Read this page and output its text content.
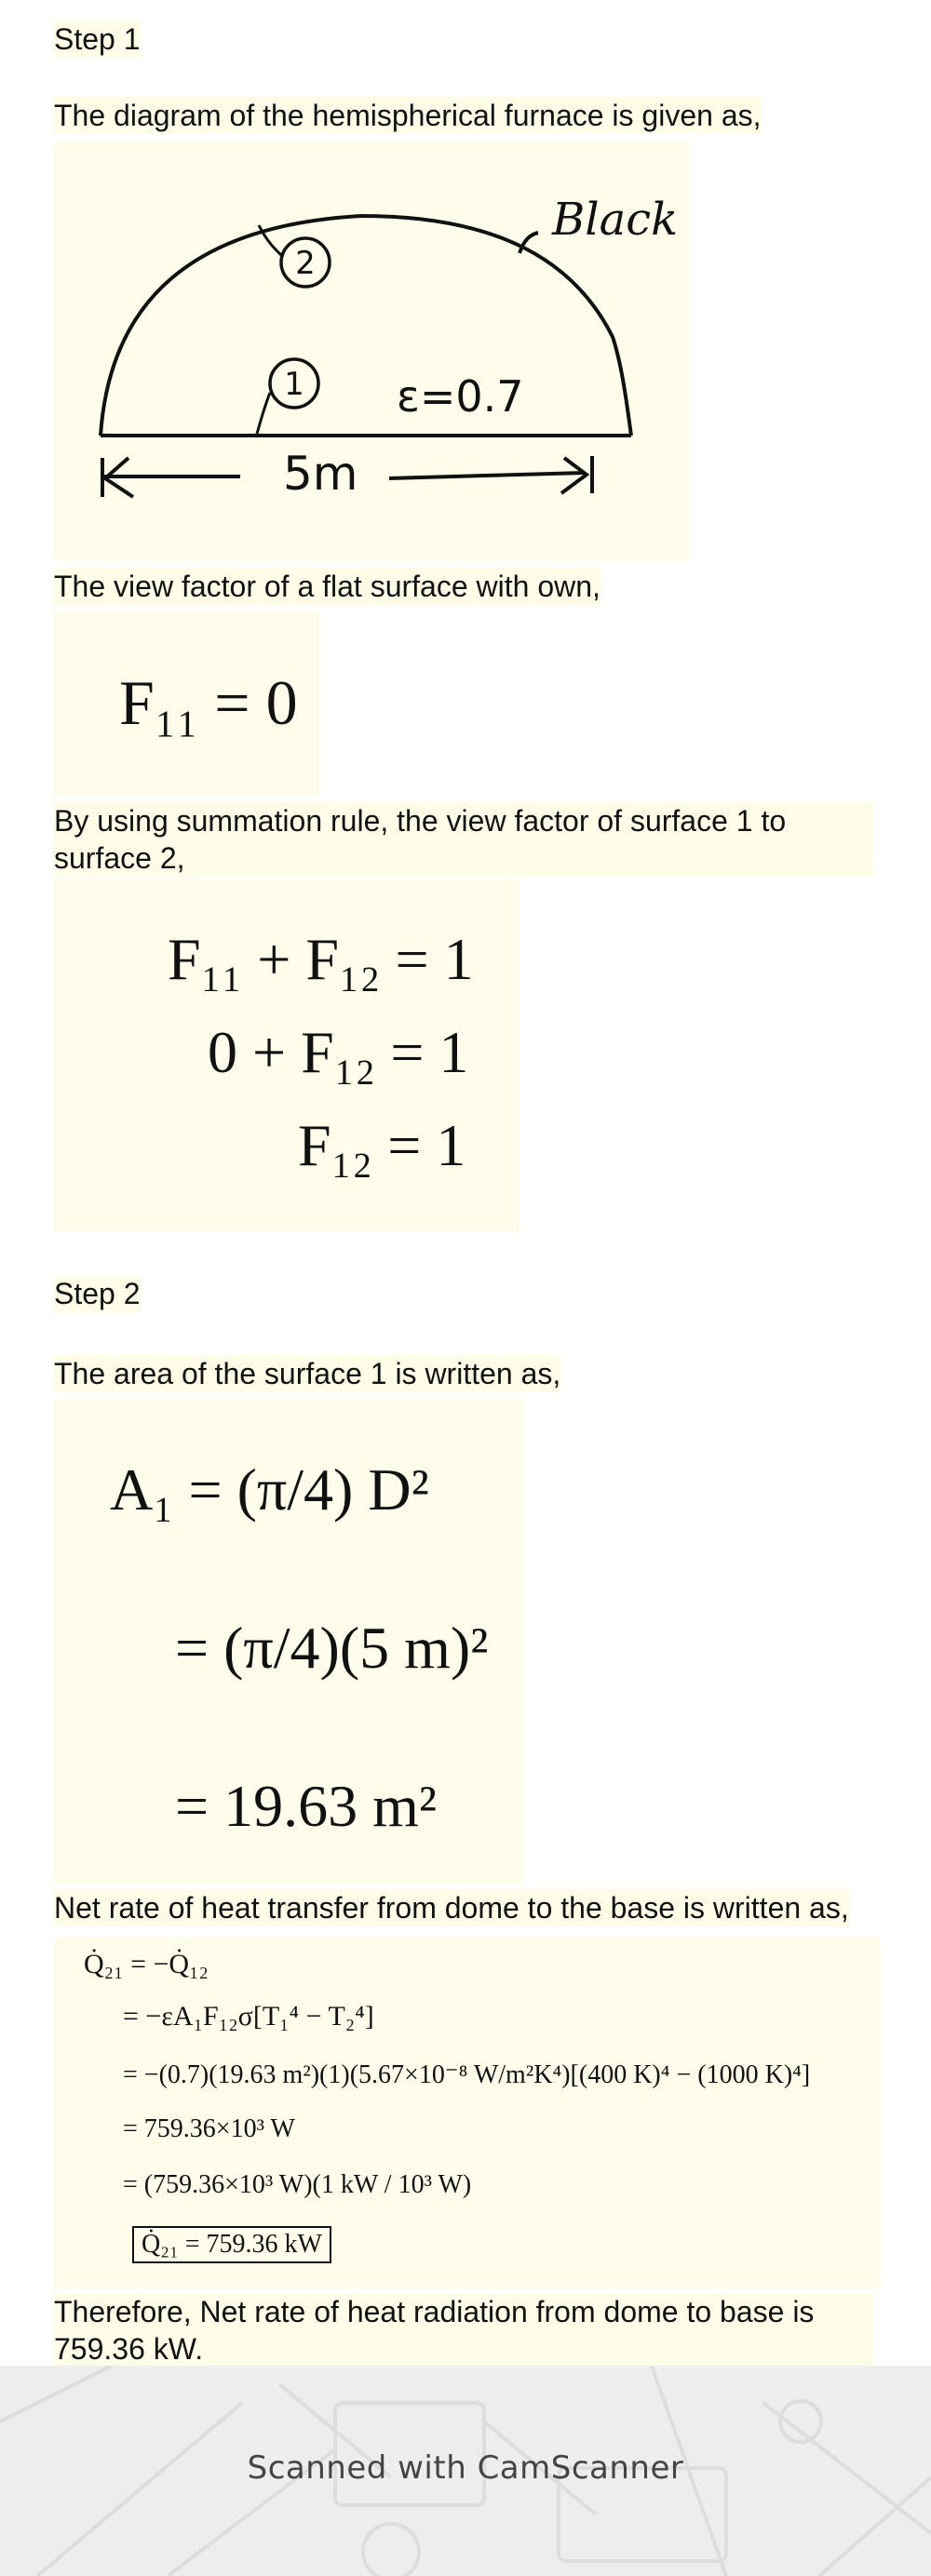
Step 1
The diagram of the hemispherical furnace is given as,
2
1
Black
ε=0.7
5m
The view factor of a flat surface with own,
F₁₁ = 0
By using summation rule, the view factor of surface 1 to surface 2,
F₁₁ + F₁₂ = 1
0 + F₁₂ = 1
F₁₂ = 1
Step 2
The area of the surface 1 is written as,
A₁ = (π/4) D²
= (π/4)(5 m)²
= 19.63 m²
Net rate of heat transfer from dome to the base is written as,
Q̇₂₁ = −Q̇₁₂
= −εA₁F₁₂σ[T₁⁴ − T₂⁴]
= −(0.7)(19.63 m²)(1)(5.67×10⁻⁸ W/m²K⁴)[(400 K)⁴ − (1000 K)⁴]
= 759.36×10³ W
= (759.36×10³ W)(1 kW / 10³ W)
Q̇₂₁ = 759.36 kW
Therefore, Net rate of heat radiation from dome to base is 759.36 kW.
Scanned with CamScanner
